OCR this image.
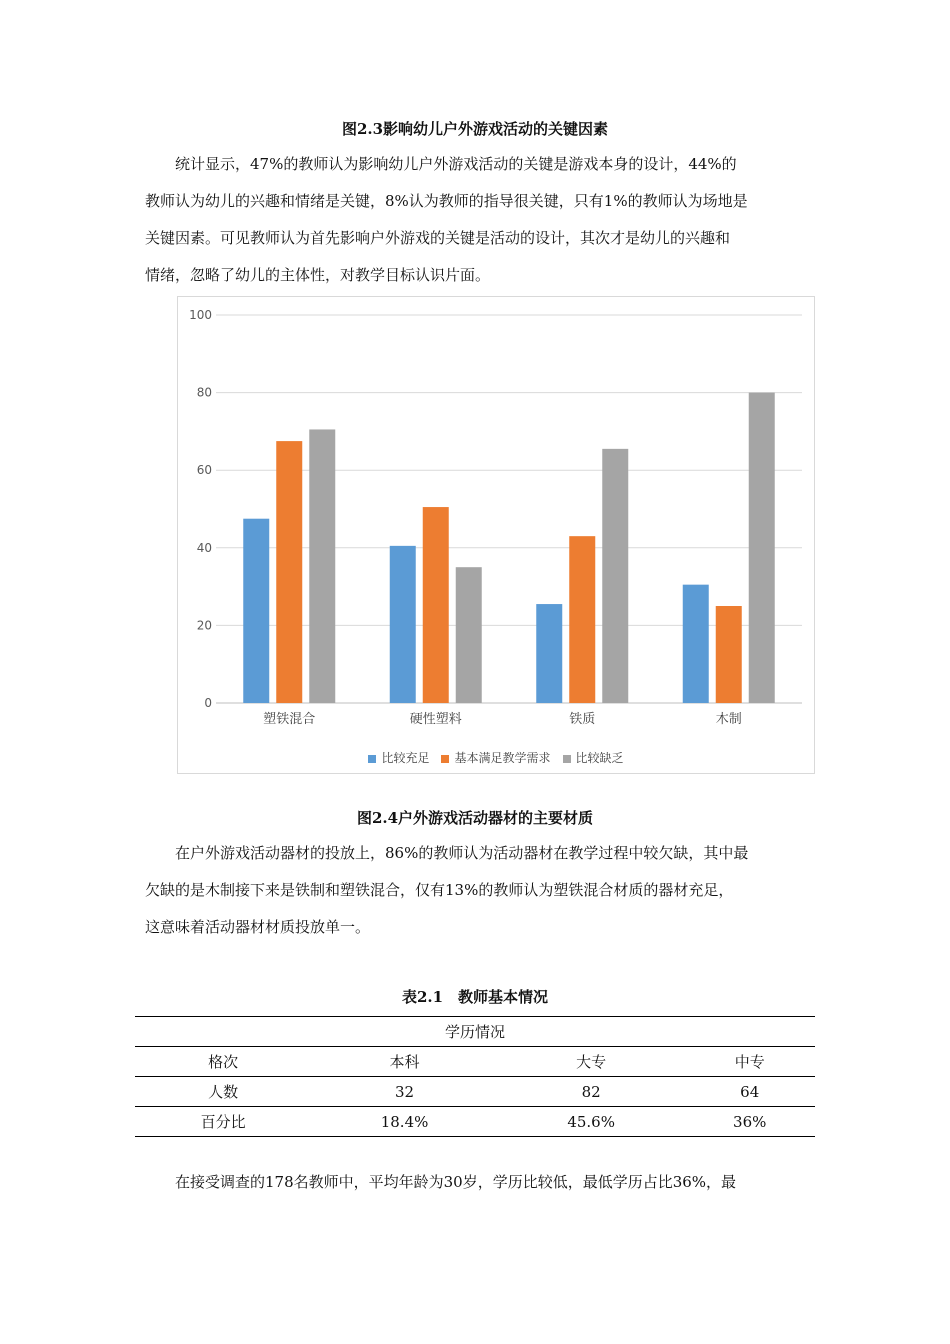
图2.3影响幼儿户外游戏活动的关键因素

统计显示，47%的教师认为影响幼儿户外游戏活动的关键是游戏本身的设计，44%的

教师认为幼儿的兴趣和情绪是关键，8%认为教师的指导很关键，只有1%的教师认为场地是

关键因素。可见教师认为首先影响户外游戏的关键是活动的设计，其次才是幼儿的兴趣和

情绪，忽略了幼儿的主体性，对教学目标认识片面。

0
20
40
60
80
100
塑铁混合	硬性塑料	铁质	木制
比较充足 基本满足教学需求 比较缺乏
图2.4户外游戏活动器材的主要材质

在户外游戏活动器材的投放上，86%的教师认为活动器材在教学过程中较欠缺，其中最

欠缺的是木制接下来是铁制和塑铁混合，仅有13%的教师认为塑铁混合材质的器材充足，

这意味着活动器材材质投放单一。

表2.1　教师基本情况
学历情况			
格次	本科	大专	中专
人数	32	82	64
百分比	18.4%	45.6%	36%

在接受调查的178名教师中，平均年龄为30岁，学历比较低，最低学历占比36%，最
